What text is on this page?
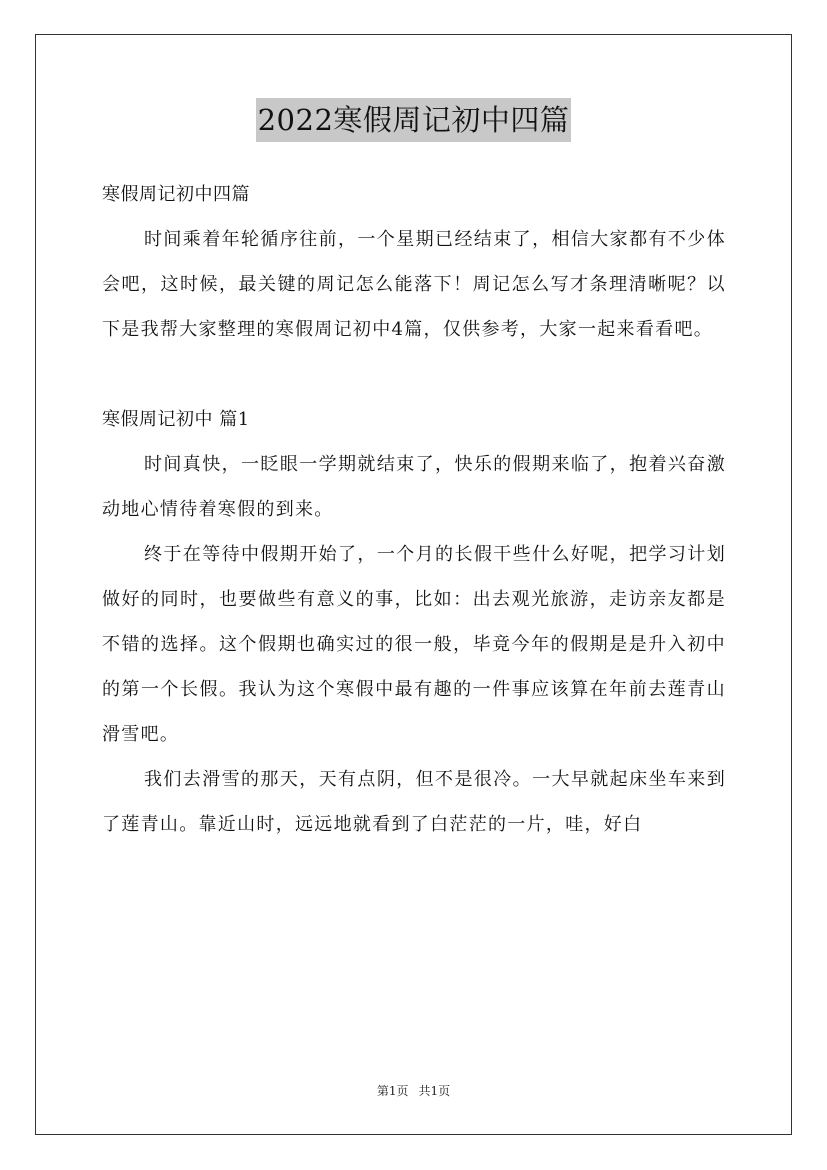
2022寒假周记初中四篇

寒假周记初中四篇

时间乘着年轮循序往前，一个星期已经结束了，相信大家都有不少体会吧，这时候，最关键的周记怎么能落下！周记怎么写才条理清晰呢？以下是我帮大家整理的寒假周记初中4篇，仅供参考，大家一起来看看吧。

寒假周记初中 篇1

时间真快，一眨眼一学期就结束了，快乐的假期来临了，抱着兴奋激动地心情待着寒假的到来。

终于在等待中假期开始了，一个月的长假干些什么好呢，把学习计划做好的同时，也要做些有意义的事，比如：出去观光旅游，走访亲友都是不错的选择。这个假期也确实过的很一般，毕竟今年的假期是是升入初中的第一个长假。我认为这个寒假中最有趣的一件事应该算在年前去莲青山滑雪吧。

我们去滑雪的那天，天有点阴，但不是很冷。一大早就起床坐车来到了莲青山。靠近山时，远远地就看到了白茫茫的一片，哇，好白

第1页 共1页
